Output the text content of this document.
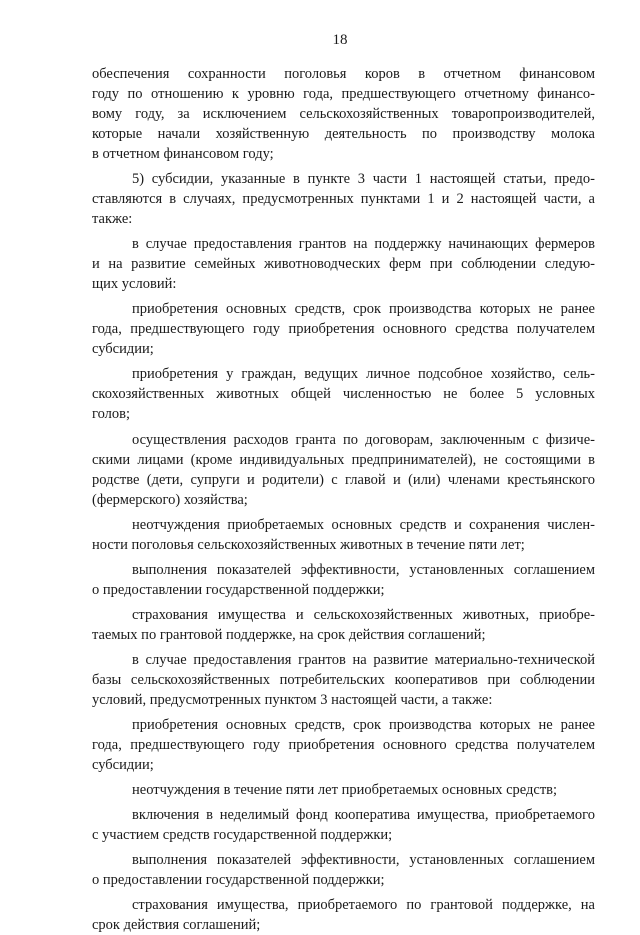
18
обеспечения сохранности поголовья коров в отчетном финансовом
году по отношению к уровню года, предшествующего отчетному финансо-
вому году, за исключением сельскохозяйственных товаропроизводителей,
которые начали хозяйственную деятельность по производству молока
в отчетном финансовом году;
5) субсидии, указанные в пункте 3 части 1 настоящей статьи, предо-
ставляются в случаях, предусмотренных пунктами 1 и 2 настоящей части, а
также:
в случае предоставления грантов на поддержку начинающих фермеров
и на развитие семейных животноводческих ферм при соблюдении следую-
щих условий:
приобретения основных средств, срок производства которых не ранее
года, предшествующего году приобретения основного средства получателем
субсидии;
приобретения у граждан, ведущих личное подсобное хозяйство, сель-
скохозяйственных животных общей численностью не более 5 условных
голов;
осуществления расходов гранта по договорам, заключенным с физиче-
скими лицами (кроме индивидуальных предпринимателей), не состоящими в
родстве (дети, супруги и родители) с главой и (или) членами крестьянского
(фермерского) хозяйства;
неотчуждения приобретаемых основных средств и сохранения числен-
ности поголовья сельскохозяйственных животных в течение пяти лет;
выполнения показателей эффективности, установленных соглашением
о предоставлении государственной поддержки;
страхования имущества и сельскохозяйственных животных, приобре-
таемых по грантовой поддержке, на срок действия соглашений;
в случае предоставления грантов на развитие материально-технической
базы сельскохозяйственных потребительских кооперативов при соблюдении
условий, предусмотренных пунктом 3 настоящей части, а также:
приобретения основных средств, срок производства которых не ранее
года, предшествующего году приобретения основного средства получателем
субсидии;
неотчуждения в течение пяти лет приобретаемых основных средств;
включения в неделимый фонд кооператива имущества, приобретаемого
с участием средств государственной поддержки;
выполнения показателей эффективности, установленных соглашением
о предоставлении государственной поддержки;
страхования имущества, приобретаемого по грантовой поддержке, на
срок действия соглашений;
